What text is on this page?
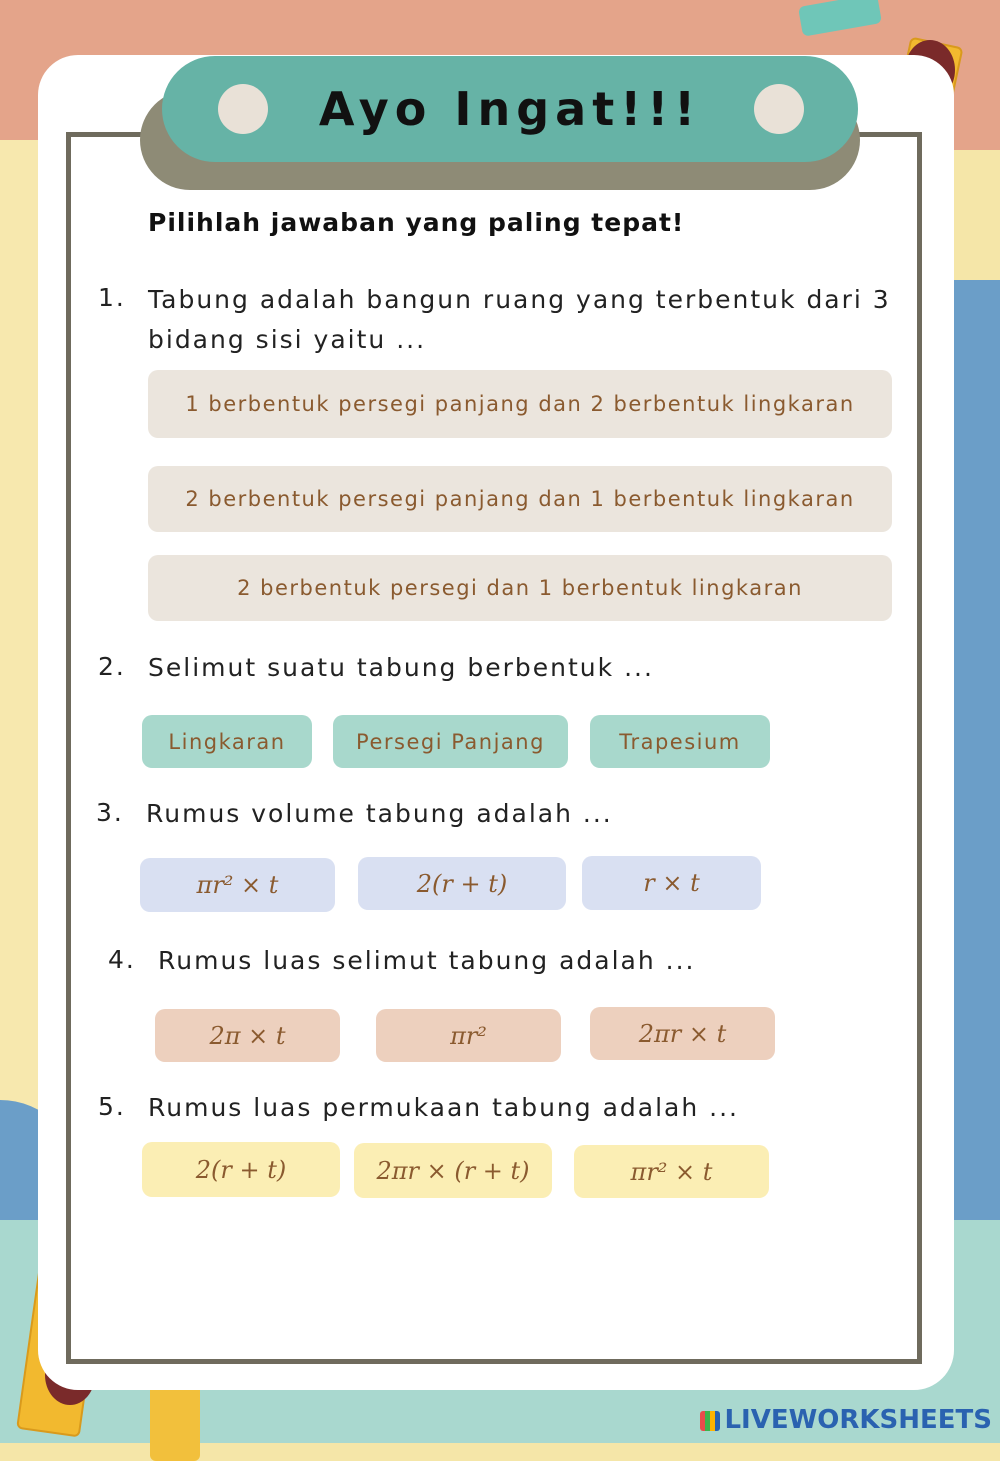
Ayo Ingat!!!
Pilihlah jawaban yang paling tepat!
1. Tabung adalah bangun ruang yang terbentuk dari 3
bidang sisi yaitu ...
1 berbentuk persegi panjang dan 2 berbentuk lingkaran
2 berbentuk persegi panjang dan 1 berbentuk lingkaran
2 berbentuk persegi dan 1 berbentuk lingkaran
2. Selimut suatu tabung berbentuk ...
Lingkaran	Persegi Panjang	Trapesium
3. Rumus volume tabung adalah ...
πr² × t	2(r + t)	r × t
4. Rumus luas selimut tabung adalah ...
2π × t	πr²	2πr × t
5. Rumus luas permukaan tabung adalah ...
2(r + t)	2πr × (r + t)	πr² × t
LIVEWORKSHEETS
